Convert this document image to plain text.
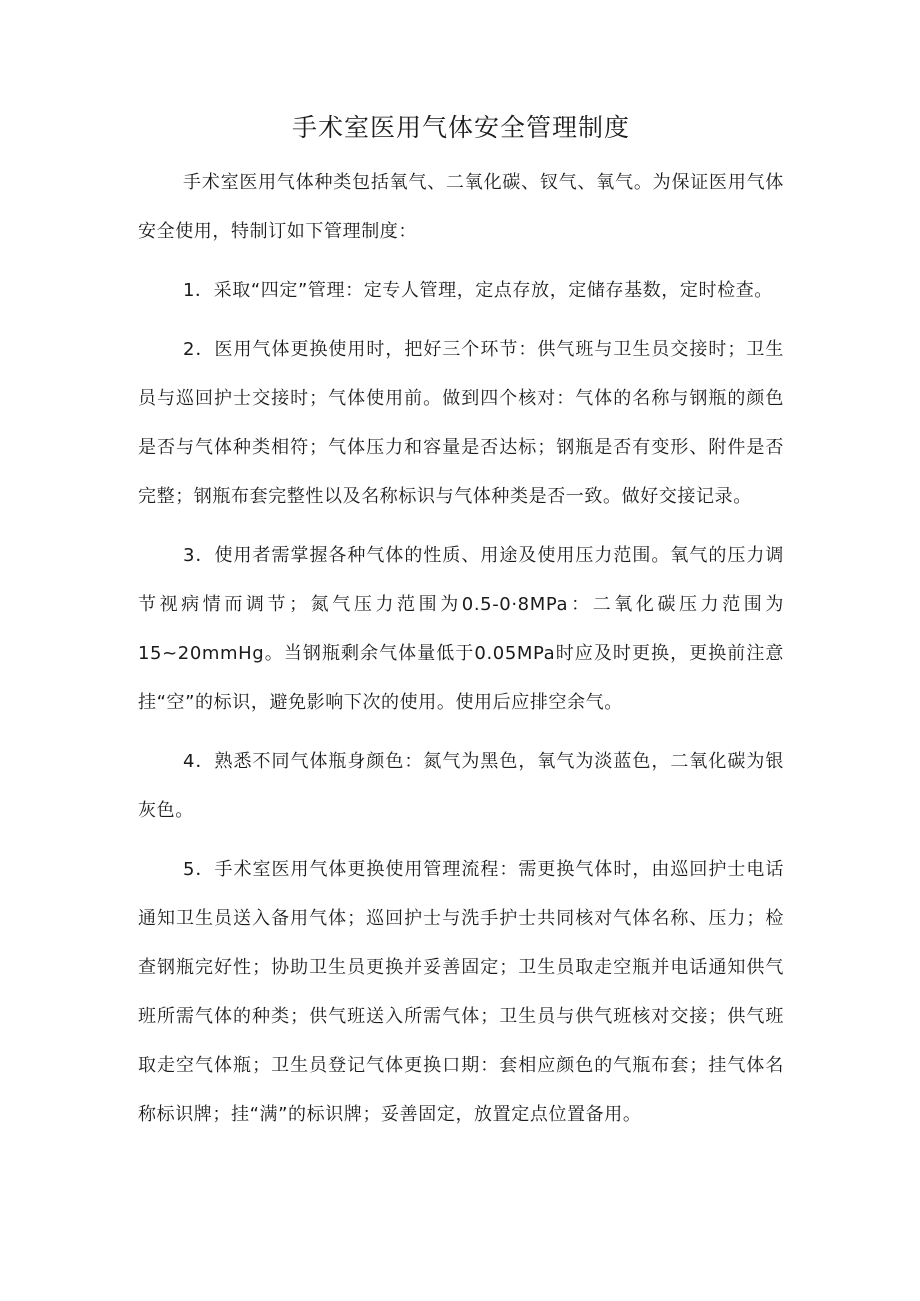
手术室医用气体安全管理制度

手术室医用气体种类包括氧气、二氧化碳、钗气、氧气。为保证医用气体安全使用，特制订如下管理制度：

1．采取“四定”管理：定专人管理，定点存放，定储存基数，定时检查。

2．医用气体更换使用时，把好三个环节：供气班与卫生员交接时；卫生员与巡回护士交接时；气体使用前。做到四个核对：气体的名称与钢瓶的颜色是否与气体种类相符；气体压力和容量是否达标；钢瓶是否有变形、附件是否完整；钢瓶布套完整性以及名称标识与气体种类是否一致。做好交接记录。

3．使用者需掌握各种气体的性质、用途及使用压力范围。氧气的压力调节视病情而调节；氮气压力范围为0.5-0·8MPa：二氧化碳压力范围为15~20mmHg。当钢瓶剩余气体量低于0.05MPa时应及时更换，更换前注意挂“空”的标识，避免影响下次的使用。使用后应排空余气。

4．熟悉不同气体瓶身颜色：氮气为黑色，氧气为淡蓝色，二氧化碳为银灰色。

5．手术室医用气体更换使用管理流程：需更换气体时，由巡回护士电话通知卫生员送入备用气体；巡回护士与洗手护士共同核对气体名称、压力；检查钢瓶完好性；协助卫生员更换并妥善固定；卫生员取走空瓶并电话通知供气班所需气体的种类；供气班送入所需气体；卫生员与供气班核对交接；供气班取走空气体瓶；卫生员登记气体更换口期：套相应颜色的气瓶布套；挂气体名称标识牌；挂“满”的标识牌；妥善固定，放置定点位置备用。
